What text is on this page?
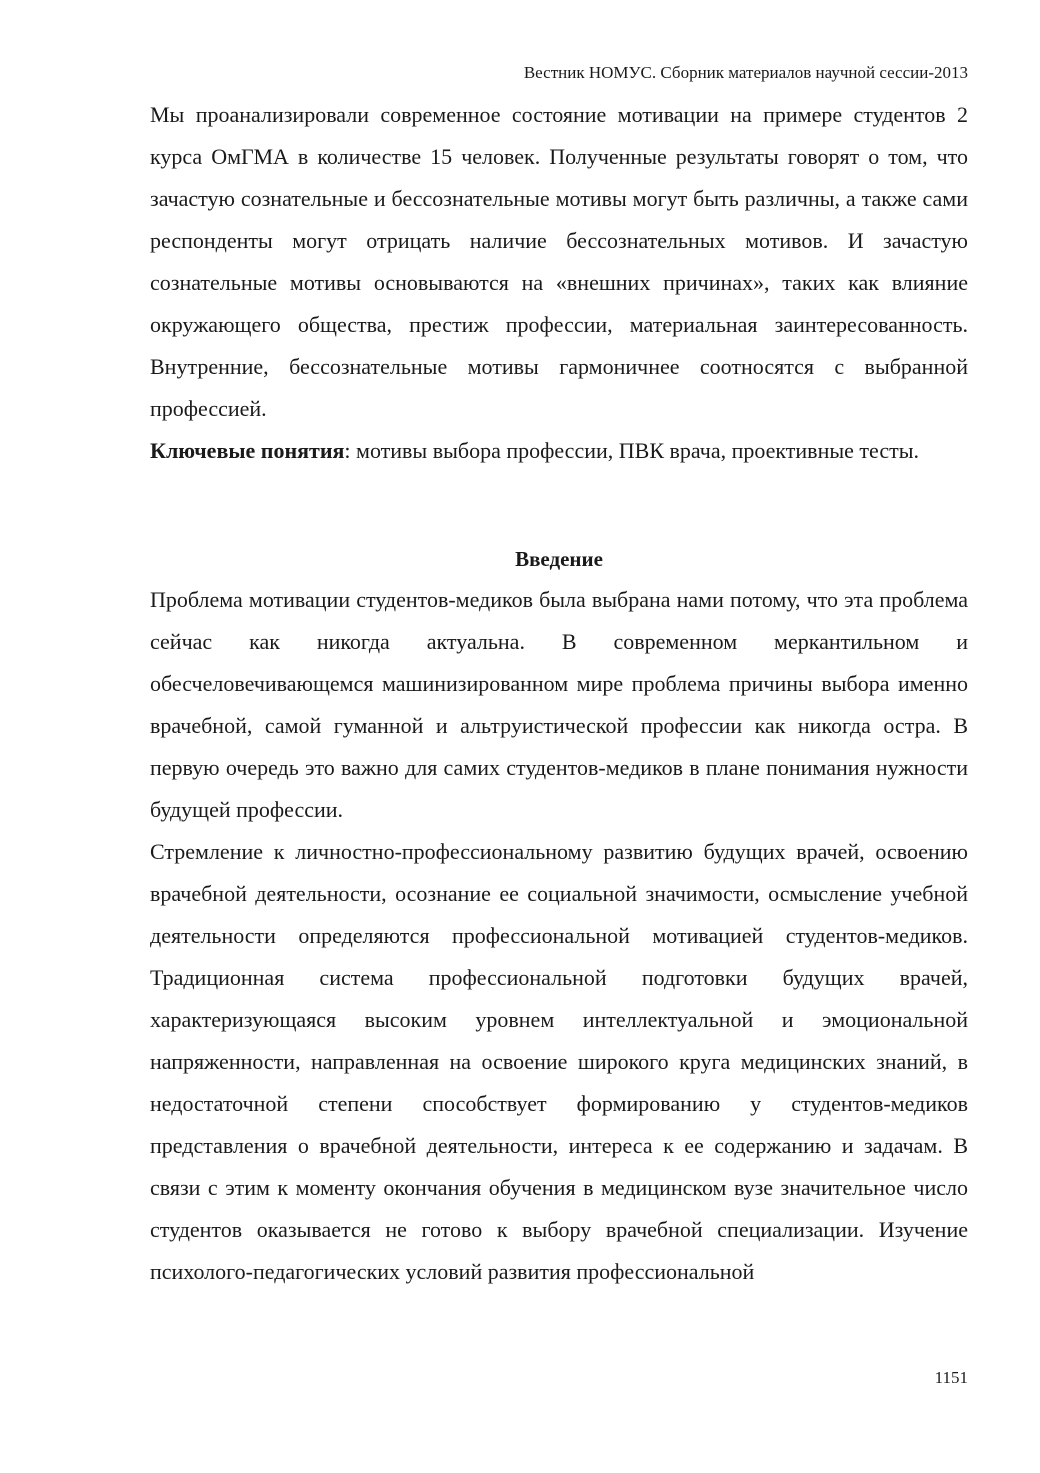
Вестник НОМУС. Сборник материалов научной сессии-2013

Мы проанализировали современное состояние мотивации на примере студентов 2 курса ОмГМА в количестве 15 человек. Полученные результаты говорят о том, что зачастую сознательные и бессознательные мотивы могут быть различны, а также сами респонденты могут отрицать наличие бессознательных мотивов. И зачастую сознательные мотивы основываются на «внешних причинах», таких как влияние окружающего общества, престиж профессии, материальная заинтересованность. Внутренние, бессознательные мотивы гармоничнее соотносятся с выбранной профессией.

Ключевые понятия: мотивы выбора профессии, ПВК врача, проективные тесты.

Введение

Проблема мотивации студентов-медиков была выбрана нами потому, что эта проблема сейчас как никогда актуальна. В современном меркантильном и обесчеловечивающемся машинизированном мире проблема причины выбора именно врачебной, самой гуманной и альтруистической профессии как никогда остра. В первую очередь это важно для самих студентов-медиков в плане понимания нужности будущей профессии.

Стремление к личностно-профессиональному развитию будущих врачей, освоению врачебной деятельности, осознание ее социальной значимости, осмысление учебной деятельности определяются профессиональной мотивацией студентов-медиков. Традиционная система профессиональной подготовки будущих врачей, характеризующаяся высоким уровнем интеллектуальной и эмоциональной напряженности, направленная на освоение широкого круга медицинских знаний, в недостаточной степени способствует формированию у студентов-медиков представления о врачебной деятельности, интереса к ее содержанию и задачам. В связи с этим к моменту окончания обучения в медицинском вузе значительное число студентов оказывается не готово к выбору врачебной специализации. Изучение психолого-педагогических условий развития профессиональной

1151
